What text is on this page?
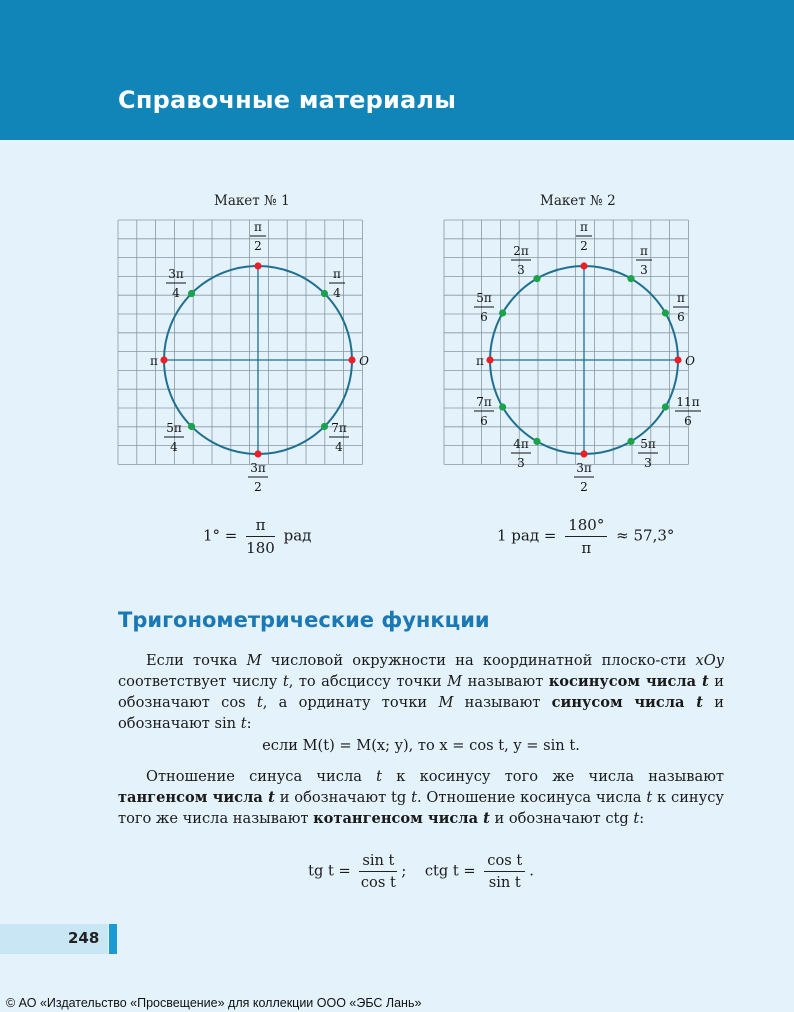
Справочные материалы
Макет № 1	Макет № 2
π
2
π
4
3π
4
π	O
5π
4
7π
4
3π
2
π
2
2π
3
π
3
5π
6
π
6
π	O
7π
6
11π
6
4π
3
5π
3
3π
2
$1^\circ = \frac{\pi}{180}$ рад	1 рад = $\frac{180^\circ}{\pi} \approx 57,3^\circ$
Тригонометрические функции

Если точка M числовой окружности на координатной плоско-сти xOy соответствует числу t, то абсциссу точки M называют косинусом числа t и обозначают cos t, а ординату точки M называют синусом числа t и обозначают sin t:

если M(t) = M(x; y), то x = cos t, y = sin t.

Отношение синуса числа t к косинусу того же числа называют тангенсом числа t и обозначают tg t. Отношение косинуса числа t к синусу того же числа называют котангенсом числа t и обозначают ctg t:

tg $t = \frac{\text{sin t}}{\text{cos t}}$ ; ctg $t = \frac{\text{cos t}}{\text{sin t}}$ .
248
© АО «Издательство «Просвещение» для коллекции ООО «ЭБС Лань»
